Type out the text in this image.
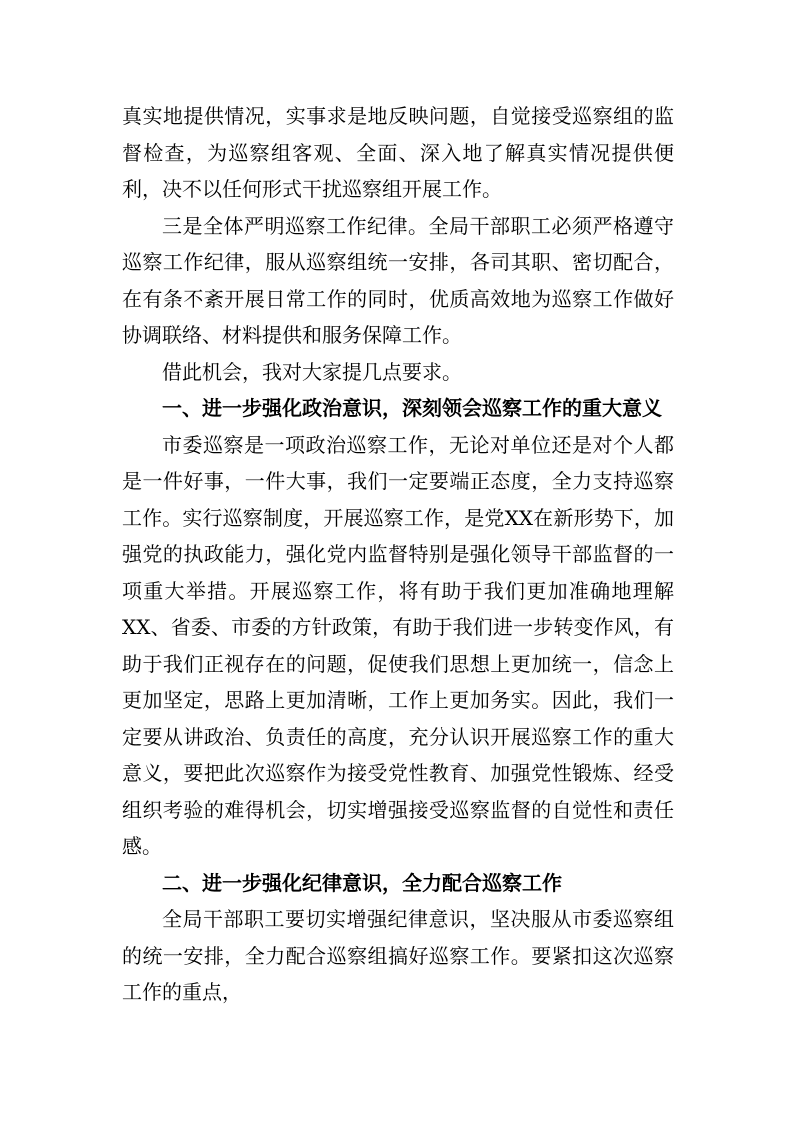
真实地提供情况，实事求是地反映问题，自觉接受巡察组的监督检查，为巡察组客观、全面、深入地了解真实情况提供便利，决不以任何形式干扰巡察组开展工作。

三是全体严明巡察工作纪律。全局干部职工必须严格遵守巡察工作纪律，服从巡察组统一安排，各司其职、密切配合，在有条不紊开展日常工作的同时，优质高效地为巡察工作做好协调联络、材料提供和服务保障工作。

借此机会，我对大家提几点要求。

一、进一步强化政治意识，深刻领会巡察工作的重大意义

市委巡察是一项政治巡察工作，无论对单位还是对个人都是一件好事，一件大事，我们一定要端正态度，全力支持巡察工作。实行巡察制度，开展巡察工作，是党XX在新形势下，加强党的执政能力，强化党内监督特别是强化领导干部监督的一项重大举措。开展巡察工作，将有助于我们更加准确地理解XX、省委、市委的方针政策，有助于我们进一步转变作风，有助于我们正视存在的问题，促使我们思想上更加统一，信念上更加坚定，思路上更加清晰，工作上更加务实。因此，我们一定要从讲政治、负责任的高度，充分认识开展巡察工作的重大意义，要把此次巡察作为接受党性教育、加强党性锻炼、经受组织考验的难得机会，切实增强接受巡察监督的自觉性和责任感。

二、进一步强化纪律意识，全力配合巡察工作

全局干部职工要切实增强纪律意识，坚决服从市委巡察组的统一安排，全力配合巡察组搞好巡察工作。要紧扣这次巡察工作的重点，
